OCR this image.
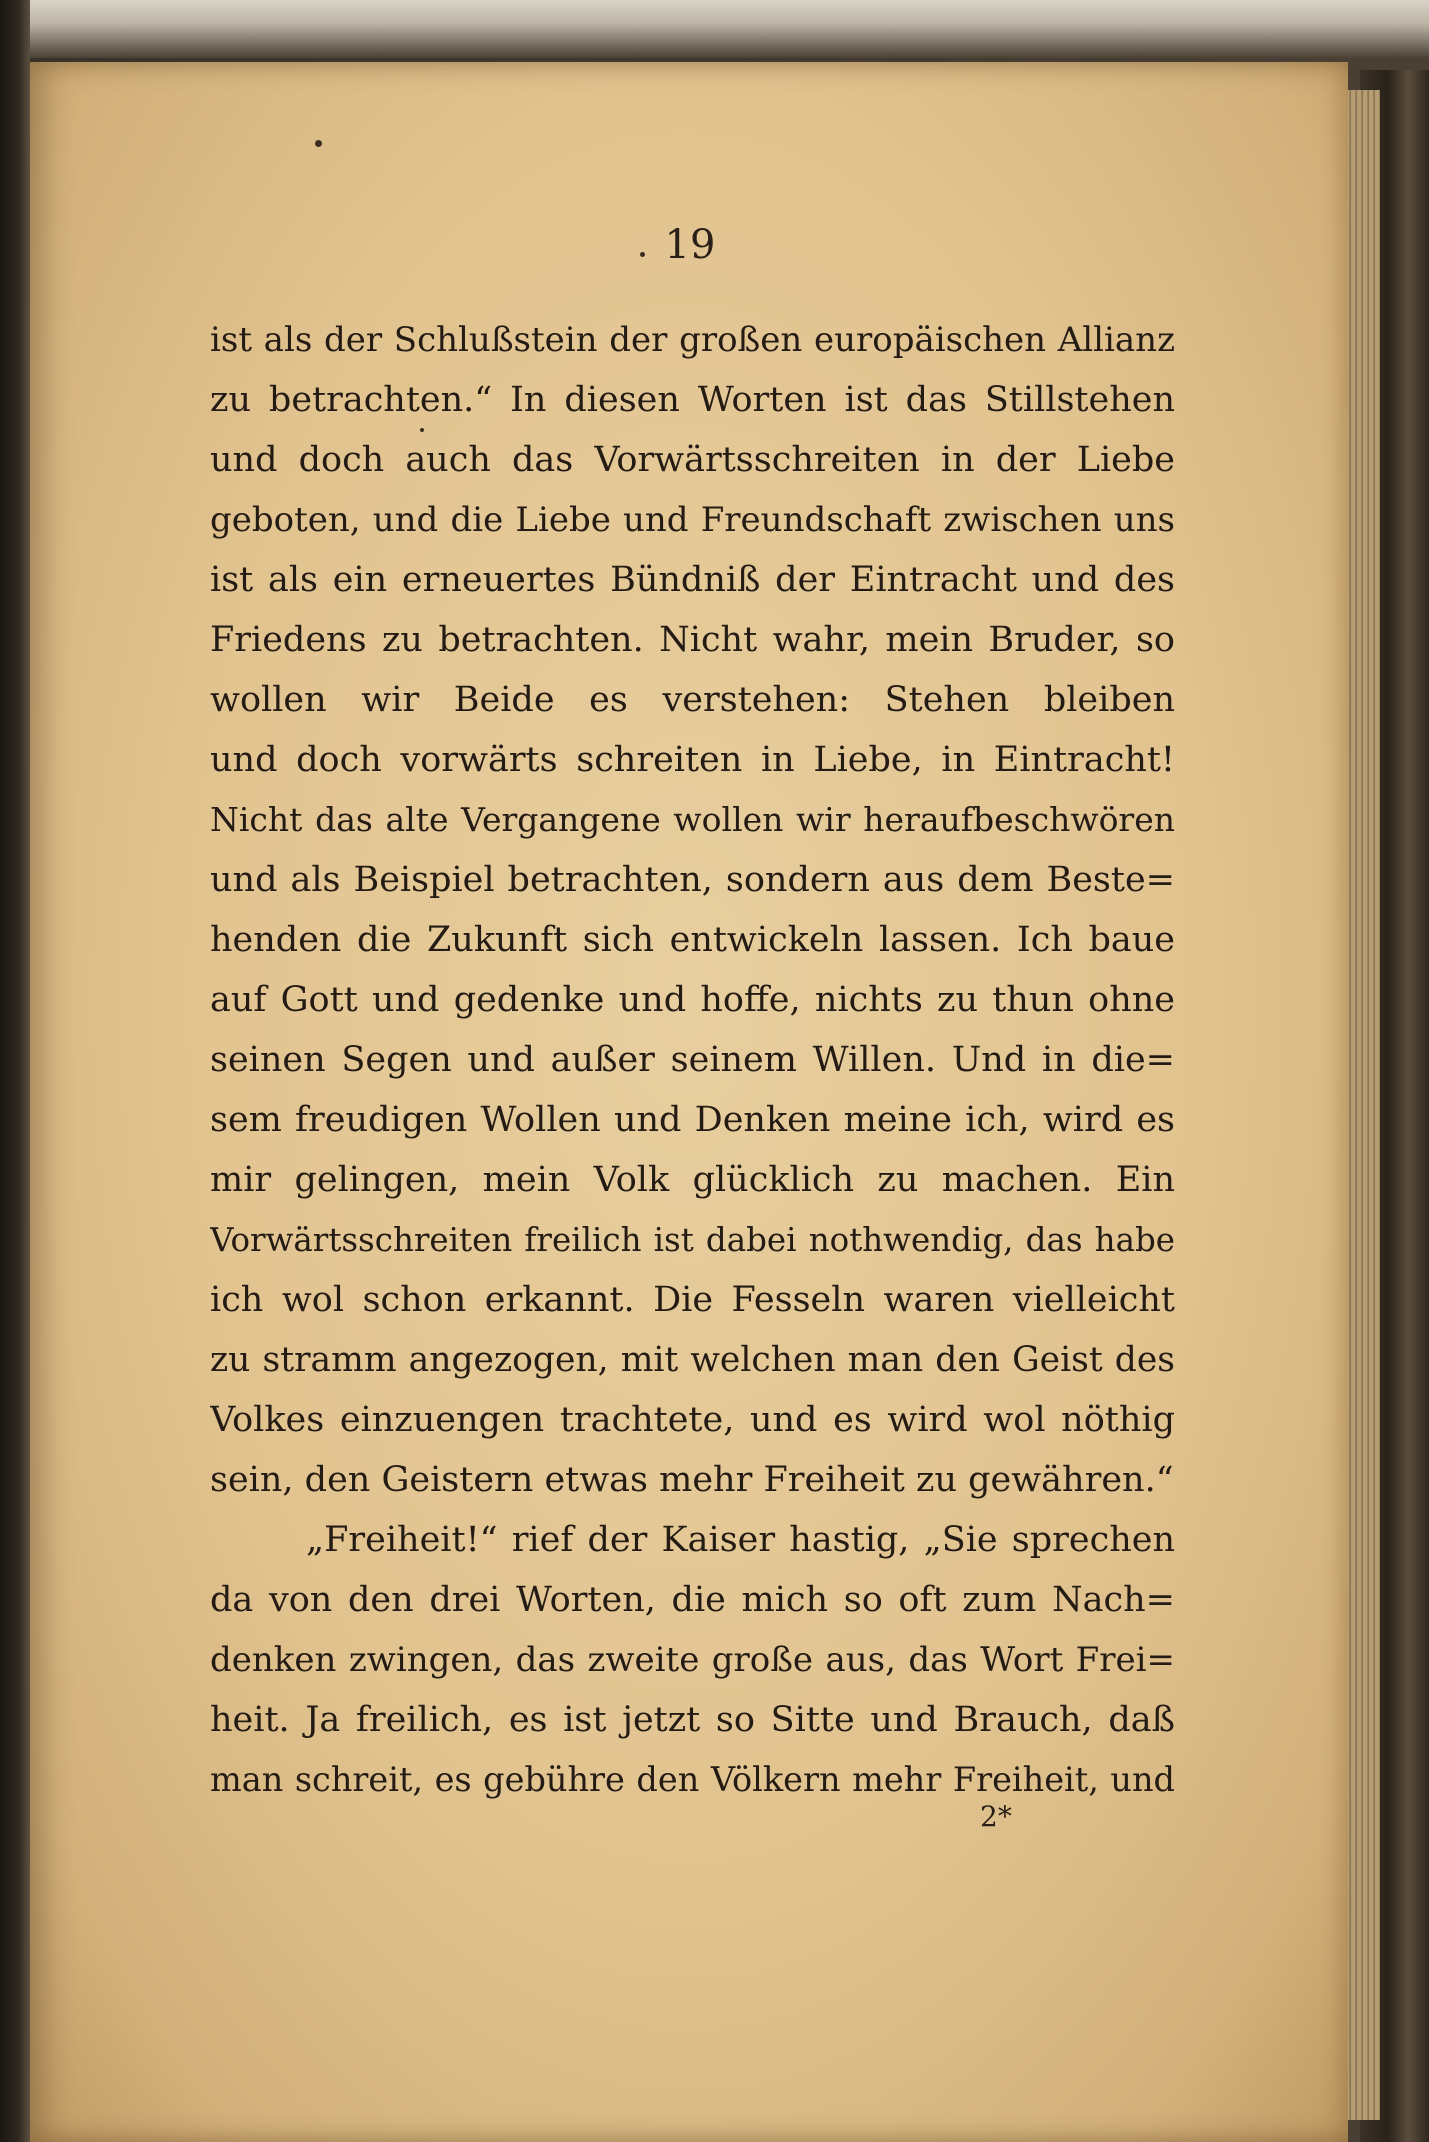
19
ist als der Schlußstein der großen europäischen Allianz
zu betrachten.“ In diesen Worten ist das Stillstehen
und doch auch das Vorwärtsschreiten in der Liebe
geboten, und die Liebe und Freundschaft zwischen uns
ist als ein erneuertes Bündniß der Eintracht und des
Friedens zu betrachten. Nicht wahr, mein Bruder, so
wollen wir Beide es verstehen: Stehen bleiben
und doch vorwärts schreiten in Liebe, in Eintracht!
Nicht das alte Vergangene wollen wir heraufbeschwören
und als Beispiel betrachten, sondern aus dem Beste=
henden die Zukunft sich entwickeln lassen. Ich baue
auf Gott und gedenke und hoffe, nichts zu thun ohne
seinen Segen und außer seinem Willen. Und in die=
sem freudigen Wollen und Denken meine ich, wird es
mir gelingen, mein Volk glücklich zu machen. Ein
Vorwärtsschreiten freilich ist dabei nothwendig, das habe
ich wol schon erkannt. Die Fesseln waren vielleicht
zu stramm angezogen, mit welchen man den Geist des
Volkes einzuengen trachtete, und es wird wol nöthig
sein, den Geistern etwas mehr Freiheit zu gewähren.“
„Freiheit!“ rief der Kaiser hastig, „Sie sprechen
da von den drei Worten, die mich so oft zum Nach=
denken zwingen, das zweite große aus, das Wort Frei=
heit. Ja freilich, es ist jetzt so Sitte und Brauch, daß
man schreit, es gebühre den Völkern mehr Freiheit, und
2*
